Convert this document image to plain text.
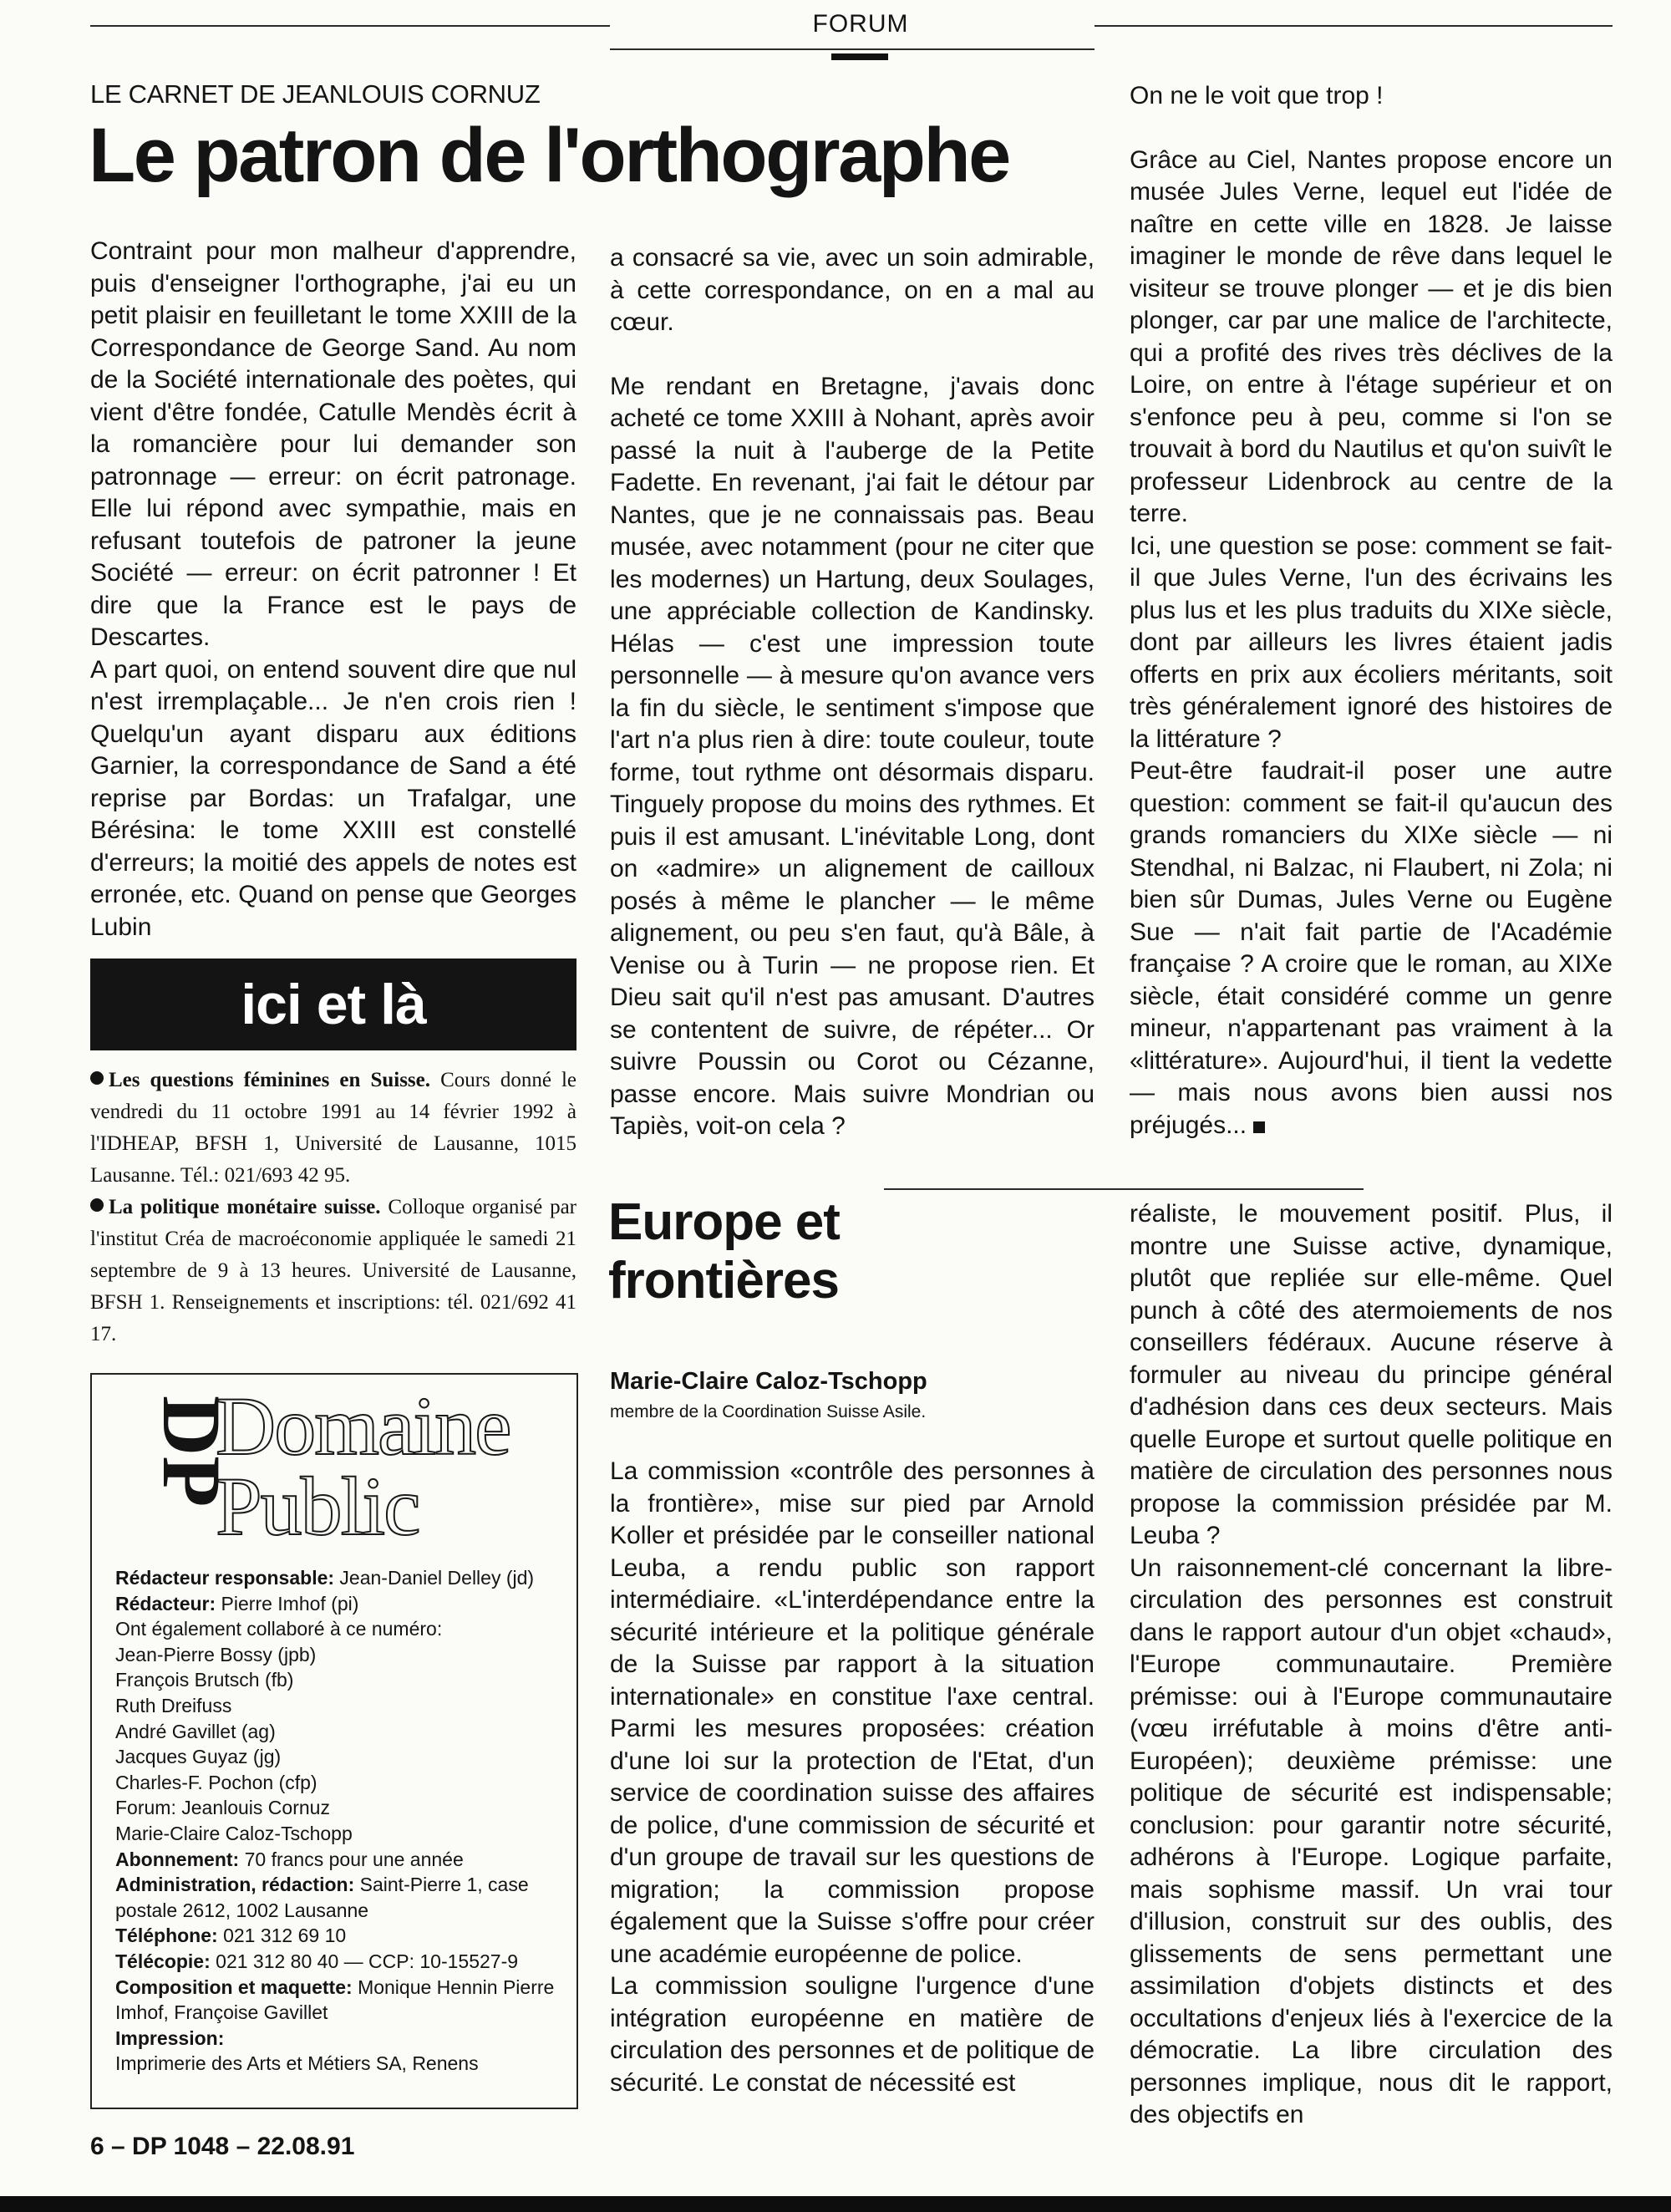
FORUM
LE CARNET DE JEANLOUIS CORNUZ
Le patron de l'orthographe

Contraint pour mon malheur d'apprendre, puis d'enseigner l'orthographe, j'ai eu un petit plaisir en feuilletant le tome XXIII de la Correspondance de George Sand. Au nom de la Société internationale des poètes, qui vient d'être fondée, Catulle Mendès écrit à la romancière pour lui demander son patronnage — erreur: on écrit patronage. Elle lui répond avec sympathie, mais en refusant toutefois de patroner la jeune Société — erreur: on écrit patronner ! Et dire que la France est le pays de Descartes.

A part quoi, on entend souvent dire que nul n'est irremplaçable... Je n'en crois rien ! Quelqu'un ayant disparu aux éditions Garnier, la correspondance de Sand a été reprise par Bordas: un Trafalgar, une Bérésina: le tome XXIII est constellé d'erreurs; la moitié des appels de notes est erronée, etc. Quand on pense que Georges Lubin

a consacré sa vie, avec un soin admirable, à cette correspondance, on en a mal au cœur.

Me rendant en Bretagne, j'avais donc acheté ce tome XXIII à Nohant, après avoir passé la nuit à l'auberge de la Petite Fadette. En revenant, j'ai fait le détour par Nantes, que je ne connaissais pas. Beau musée, avec notamment (pour ne citer que les modernes) un Hartung, deux Soulages, une appréciable collection de Kandinsky. Hélas — c'est une impression toute personnelle — à mesure qu'on avance vers la fin du siècle, le sentiment s'impose que l'art n'a plus rien à dire: toute couleur, toute forme, tout rythme ont désormais disparu. Tinguely propose du moins des rythmes. Et puis il est amusant. L'inévitable Long, dont on «admire» un alignement de cailloux posés à même le plancher — le même alignement, ou peu s'en faut, qu'à Bâle, à Venise ou à Turin — ne propose rien. Et Dieu sait qu'il n'est pas amusant. D'autres se contentent de suivre, de répéter... Or suivre Poussin ou Corot ou Cézanne, passe encore. Mais suivre Mondrian ou Tapiès, voit-on cela ?

On ne le voit que trop !

Grâce au Ciel, Nantes propose encore un musée Jules Verne, lequel eut l'idée de naître en cette ville en 1828. Je laisse imaginer le monde de rêve dans lequel le visiteur se trouve plonger — et je dis bien plonger, car par une malice de l'architecte, qui a profité des rives très déclives de la Loire, on entre à l'étage supérieur et on s'enfonce peu à peu, comme si l'on se trouvait à bord du Nautilus et qu'on suivît le professeur Lidenbrock au centre de la terre.

Ici, une question se pose: comment se fait-il que Jules Verne, l'un des écrivains les plus lus et les plus traduits du XIXe siècle, dont par ailleurs les livres étaient jadis offerts en prix aux écoliers méritants, soit très généralement ignoré des histoires de la littérature ?

Peut-être faudrait-il poser une autre question: comment se fait-il qu'aucun des grands romanciers du XIXe siècle — ni Stendhal, ni Balzac, ni Flaubert, ni Zola; ni bien sûr Dumas, Jules Verne ou Eugène Sue — n'ait fait partie de l'Académie française ? A croire que le roman, au XIXe siècle, était considéré comme un genre mineur, n'appartenant pas vraiment à la «littérature». Aujourd'hui, il tient la vedette — mais nous avons bien aussi nos préjugés...

ici et là
Les questions féminines en Suisse. Cours donné le vendredi du 11 octobre 1991 au 14 février 1992 à l'IDHEAP, BFSH 1, Université de Lausanne, 1015 Lausanne. Tél.: 021/693 42 95.
La politique monétaire suisse. Colloque organisé par l'institut Créa de macroéconomie appliquée le samedi 21 septembre de 9 à 13 heures. Université de Lausanne, BFSH 1. Renseignements et inscriptions: tél. 021/692 41 17.
DP
Domaine
Public
Rédacteur responsable: Jean-Daniel Delley (jd)
Rédacteur: Pierre Imhof (pi)
Ont également collaboré à ce numéro:
Jean-Pierre Bossy (jpb)
François Brutsch (fb)
Ruth Dreifuss
André Gavillet (ag)
Jacques Guyaz (jg)
Charles-F. Pochon (cfp)
Forum: Jeanlouis Cornuz
Marie-Claire Caloz-Tschopp
Abonnement: 70 francs pour une année
Administration, rédaction: Saint-Pierre 1, case postale 2612, 1002 Lausanne
Téléphone: 021 312 69 10
Télécopie: 021 312 80 40 — CCP: 10-15527-9
Composition et maquette: Monique Hennin Pierre Imhof, Françoise Gavillet
Impression:
Imprimerie des Arts et Métiers SA, Renens
6 – DP 1048 – 22.08.91
Europe et
frontières
Marie-Claire Caloz-Tschopp
membre de la Coordination Suisse Asile.

La commission «contrôle des personnes à la frontière», mise sur pied par Arnold Koller et présidée par le conseiller national Leuba, a rendu public son rapport intermédiaire. «L'interdépendance entre la sécurité intérieure et la politique générale de la Suisse par rapport à la situation internationale» en constitue l'axe central. Parmi les mesures proposées: création d'une loi sur la protection de l'Etat, d'un service de coordination suisse des affaires de police, d'une commission de sécurité et d'un groupe de travail sur les questions de migration; la commission propose également que la Suisse s'offre pour créer une académie européenne de police.

La commission souligne l'urgence d'une intégration européenne en matière de circulation des personnes et de politique de sécurité. Le constat de nécessité est

réaliste, le mouvement positif. Plus, il montre une Suisse active, dynamique, plutôt que repliée sur elle-même. Quel punch à côté des atermoiements de nos conseillers fédéraux. Aucune réserve à formuler au niveau du principe général d'adhésion dans ces deux secteurs. Mais quelle Europe et surtout quelle politique en matière de circulation des personnes nous propose la commission présidée par M. Leuba ?

Un raisonnement-clé concernant la libre-circulation des personnes est construit dans le rapport autour d'un objet «chaud», l'Europe communautaire. Première prémisse: oui à l'Europe communautaire (vœu irréfutable à moins d'être anti-Européen); deuxième prémisse: une politique de sécurité est indispensable; conclusion: pour garantir notre sécurité, adhérons à l'Europe. Logique parfaite, mais sophisme massif. Un vrai tour d'illusion, construit sur des oublis, des glissements de sens permettant une assimilation d'objets distincts et des occultations d'enjeux liés à l'exercice de la démocratie. La libre circulation des personnes implique, nous dit le rapport, des objectifs en
